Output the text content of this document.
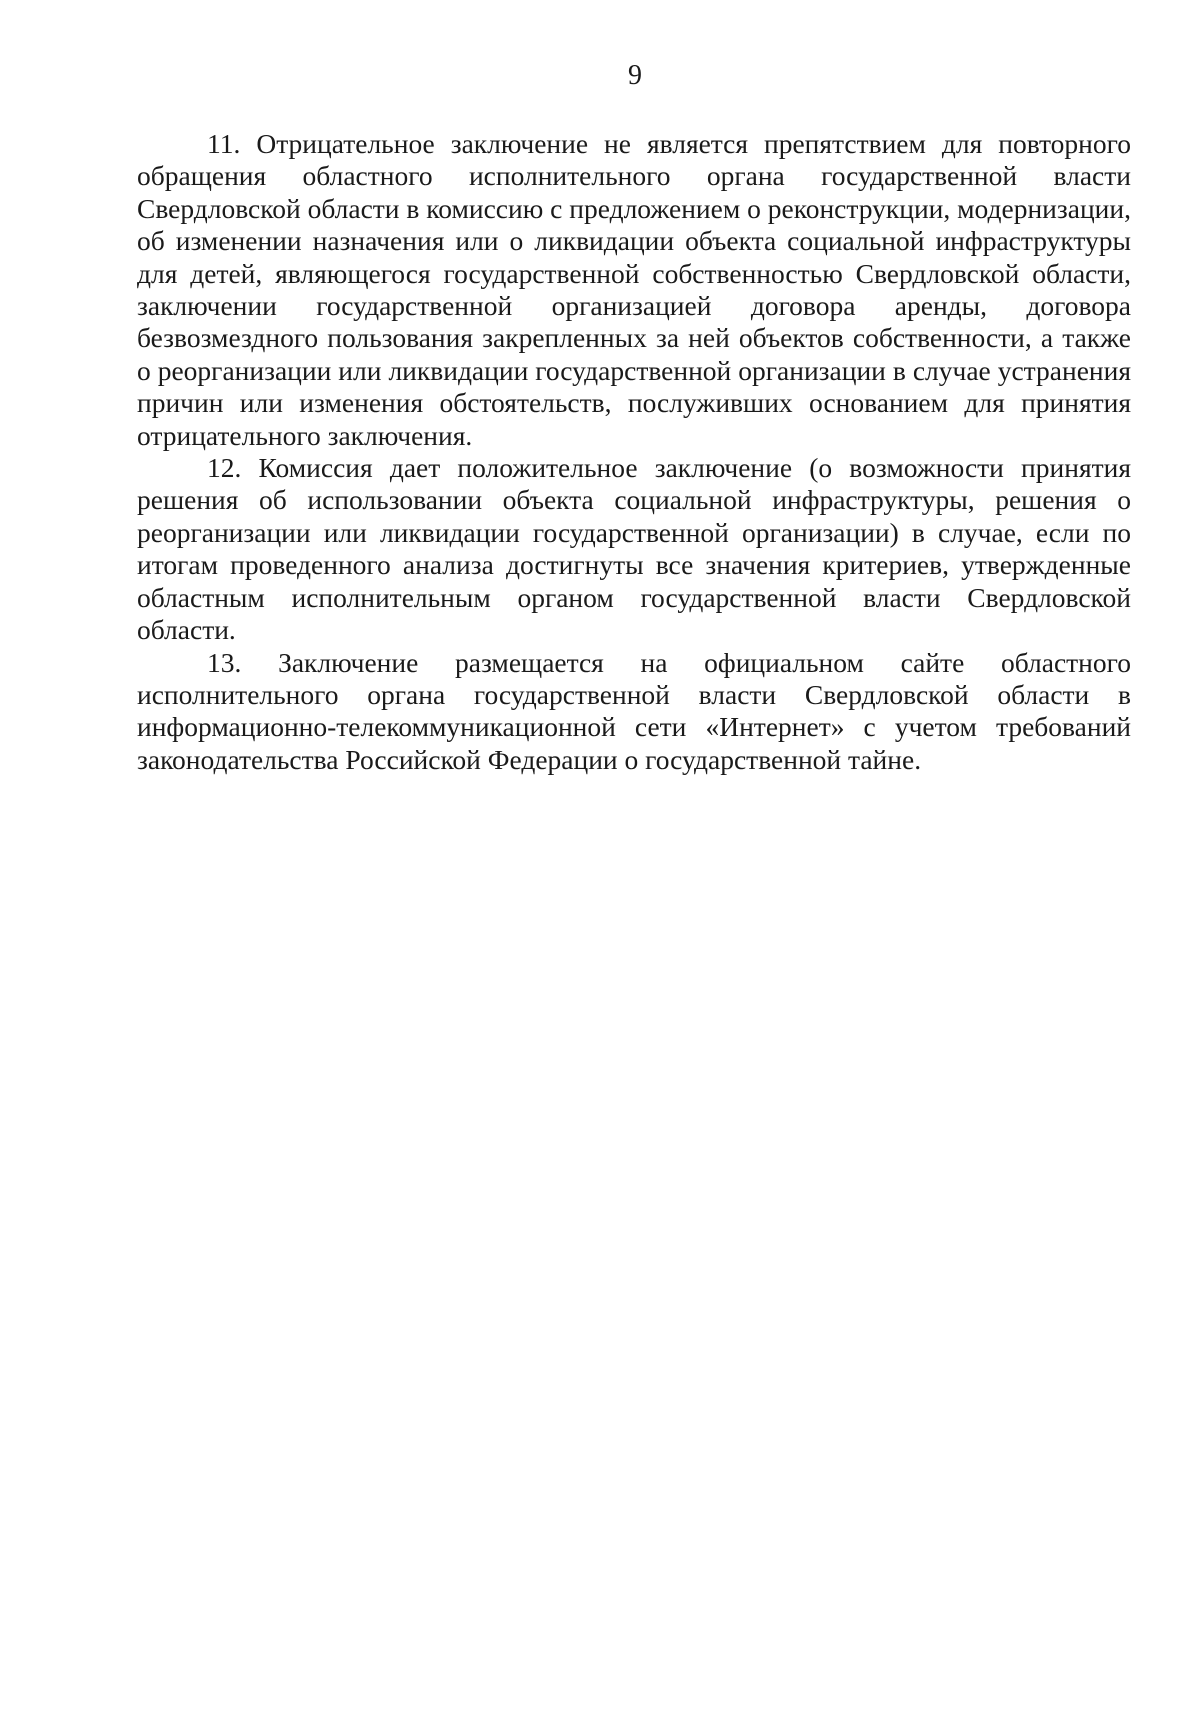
9

11. Отрицательное заключение не является препятствием для повторного обращения областного исполнительного органа государственной власти Свердловской области в комиссию с предложением о реконструкции, модернизации, об изменении назначения или о ликвидации объекта социальной инфраструктуры для детей, являющегося государственной собственностью Свердловской области, заключении государственной организацией договора аренды, договора безвозмездного пользования закрепленных за ней объектов собственности, а также о реорганизации или ликвидации государственной организации в случае устранения причин или изменения обстоятельств, послуживших основанием для принятия отрицательного заключения.

12. Комиссия дает положительное заключение (о возможности принятия решения об использовании объекта социальной инфраструктуры, решения о реорганизации или ликвидации государственной организации) в случае, если по итогам проведенного анализа достигнуты все значения критериев, утвержденные областным исполнительным органом государственной власти Свердловской области.

13. Заключение размещается на официальном сайте областного исполнительного органа государственной власти Свердловской области в информационно-телекоммуникационной сети «Интернет» с учетом требований законодательства Российской Федерации о государственной тайне.
